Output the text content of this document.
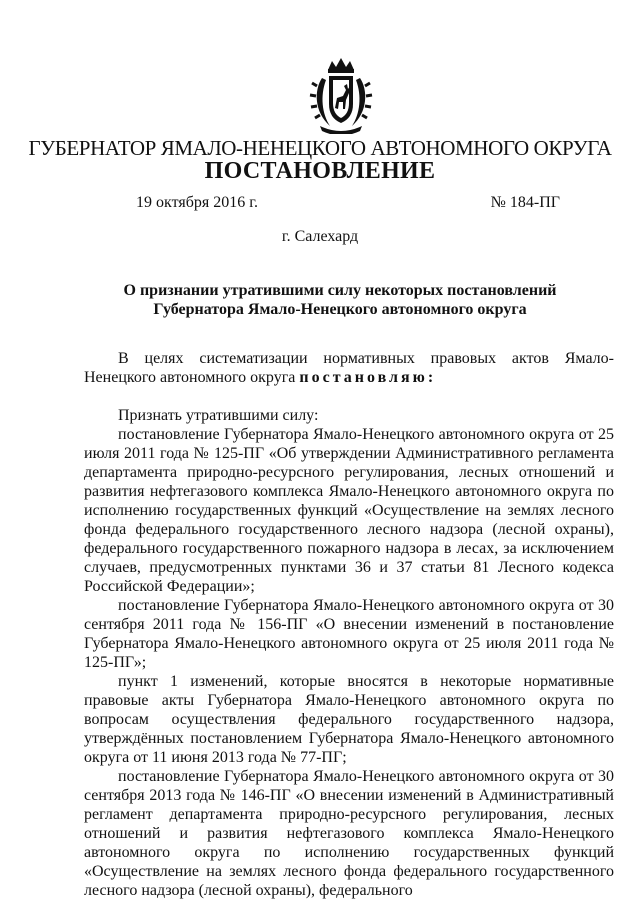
ГУБЕРНАТОР ЯМАЛО-НЕНЕЦКОГО АВТОНОМНОГО ОКРУГА
ПОСТАНОВЛЕНИЕ
19 октября 2016 г.	№ 184-ПГ
г. Салехард
О признании утратившими силу некоторых постановлений
Губернатора Ямало-Ненецкого автономного округа

В целях систематизации нормативных правовых актов Ямало-Ненецкого автономного округа постановляю:

Признать утратившими силу:

постановление Губернатора Ямало-Ненецкого автономного округа от 25 июля 2011 года № 125-ПГ «Об утверждении Административного регламента департамента природно-ресурсного регулирования, лесных отношений и развития нефтегазового комплекса Ямало-Ненецкого автономного округа по исполнению государственных функций «Осуществление на землях лесного фонда федерального государственного лесного надзора (лесной охраны), федерального государственного пожарного надзора в лесах, за исключением случаев, предусмотренных пунктами 36 и 37 статьи 81 Лесного кодекса Российской Федерации»;

постановление Губернатора Ямало-Ненецкого автономного округа от 30 сентября 2011 года № 156-ПГ «О внесении изменений в постановление Губернатора Ямало-Ненецкого автономного округа от 25 июля 2011 года № 125-ПГ»;

пункт 1 изменений, которые вносятся в некоторые нормативные правовые акты Губернатора Ямало-Ненецкого автономного округа по вопросам осуществления федерального государственного надзора, утверждённых постановлением Губернатора Ямало-Ненецкого автономного округа от 11 июня 2013 года № 77-ПГ;

постановление Губернатора Ямало-Ненецкого автономного округа от 30 сентября 2013 года № 146-ПГ «О внесении изменений в Административный регламент департамента природно-ресурсного регулирования, лесных отношений и развития нефтегазового комплекса Ямало-Ненецкого автономного округа по исполнению государственных функций «Осуществление на землях лесного фонда федерального государственного лесного надзора (лесной охраны), федерального
